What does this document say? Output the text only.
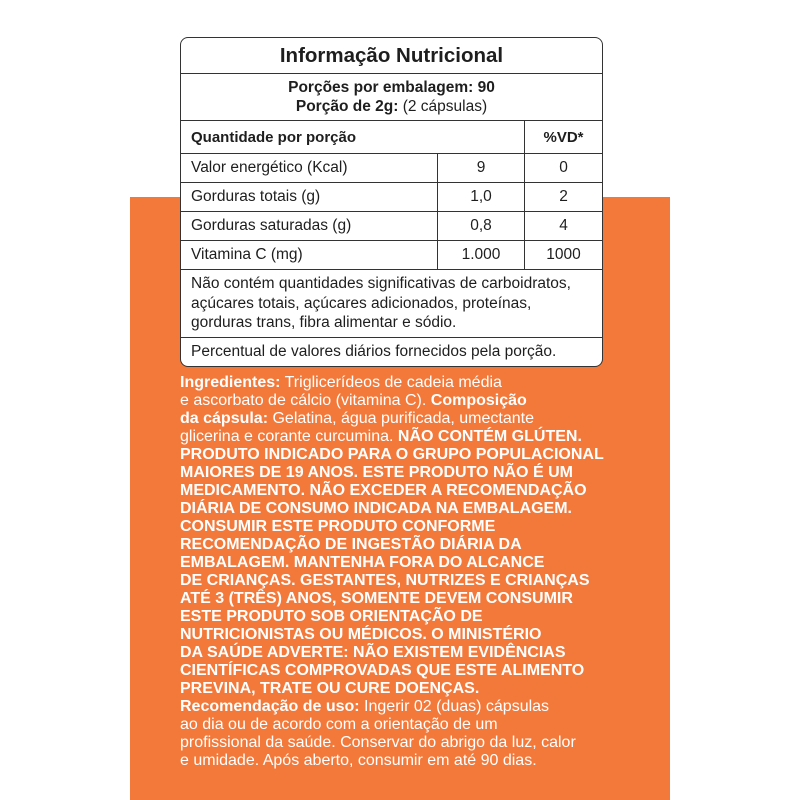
Informação Nutricional
Porções por embalagem: 90
Porção de 2g: (2 cápsulas)
Quantidade por porção	%VD*
Valor energético (Kcal)	9	0
Gorduras totais (g)	1,0	2
Gorduras saturadas (g)	0,8	4
Vitamina C (mg)	1.000	1000
Não contém quantidades significativas de carboidratos,
açúcares totais, açúcares adicionados, proteínas,
gorduras trans, fibra alimentar e sódio.
Percentual de valores diários fornecidos pela porção.
Ingredientes: Triglicerídeos de cadeia média
e ascorbato de cálcio (vitamina C). Composição
da cápsula: Gelatina, água purificada, umectante
glicerina e corante curcumina. NÃO CONTÉM GLÚTEN.
PRODUTO INDICADO PARA O GRUPO POPULACIONAL
MAIORES DE 19 ANOS. ESTE PRODUTO NÃO É UM
MEDICAMENTO. NÃO EXCEDER A RECOMENDAÇÃO
DIÁRIA DE CONSUMO INDICADA NA EMBALAGEM.
CONSUMIR ESTE PRODUTO CONFORME
RECOMENDAÇÃO DE INGESTÃO DIÁRIA DA
EMBALAGEM. MANTENHA FORA DO ALCANCE
DE CRIANÇAS. GESTANTES, NUTRIZES E CRIANÇAS
ATÉ 3 (TRÊS) ANOS, SOMENTE DEVEM CONSUMIR
ESTE PRODUTO SOB ORIENTAÇÃO DE
NUTRICIONISTAS OU MÉDICOS. O MINISTÉRIO
DA SAÚDE ADVERTE: NÃO EXISTEM EVIDÊNCIAS
CIENTÍFICAS COMPROVADAS QUE ESTE ALIMENTO
PREVINA, TRATE OU CURE DOENÇAS.
Recomendação de uso: Ingerir 02 (duas) cápsulas
ao dia ou de acordo com a orientação de um
profissional da saúde. Conservar do abrigo da luz, calor
e umidade. Após aberto, consumir em até 90 dias.
